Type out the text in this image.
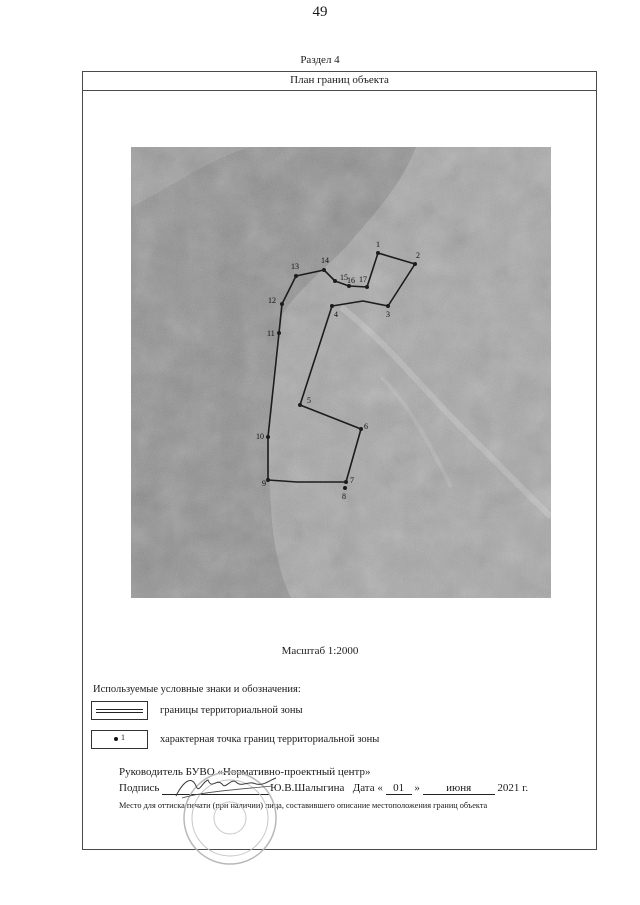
49
Раздел 4
План границ объекта
1
2
3
4
5
6
7
8
9
10
11
12
13
14
15 16 17
Масштаб 1:2000
Используемые условные знаки и обозначения:
границы территориальной зоны
1	характерная точка границ территориальной зоны
Руководитель БУВО «Нормативно-проектный центр»
Подпись	Ю.В.Шалыгина Дата « 01 » июня 2021 г.
Место для оттиска печати (при наличии) лица, составившего описание местоположения границ объекта
